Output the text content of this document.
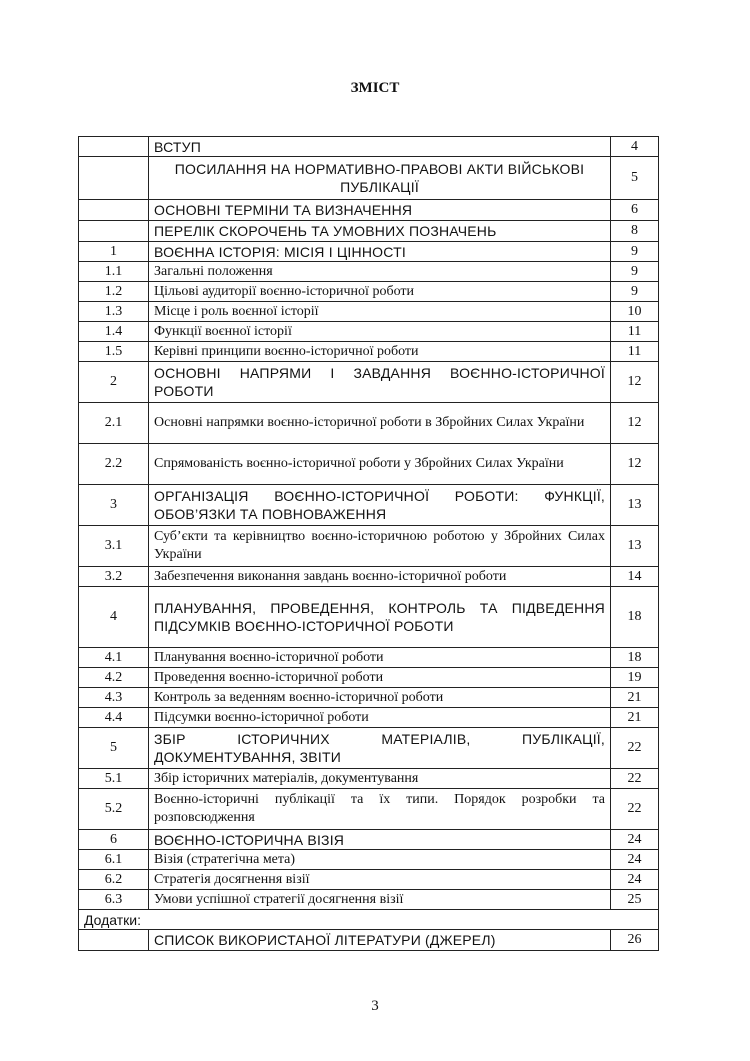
ЗМІСТ
	ВСТУП	4
	ПОСИЛАННЯ НА НОРМАТИВНО-ПРАВОВІ АКТИ ВІЙСЬКОВІ ПУБЛІКАЦІЇ	5
	ОСНОВНІ ТЕРМІНИ ТА ВИЗНАЧЕННЯ	6
	ПЕРЕЛІК СКОРОЧЕНЬ ТА УМОВНИХ ПОЗНАЧЕНЬ	8
1	ВОЄННА ІСТОРІЯ: МІСІЯ І ЦІННОСТІ	9
1.1	Загальні положення	9
1.2	Цільові аудиторії воєнно-історичної роботи	9
1.3	Місце і роль воєнної історії	10
1.4	Функції воєнної історії	11
1.5	Керівні принципи воєнно-історичної роботи	11
2	ОСНОВНІ НАПРЯМИ І ЗАВДАННЯ ВОЄННО-ІСТОРИЧНОЇ РОБОТИ	12
2.1	Основні напрямки воєнно-історичної роботи в Збройних Силах України	12
2.2	Спрямованість воєнно-історичної роботи у Збройних Силах України	12
3	ОРГАНІЗАЦІЯ ВОЄННО-ІСТОРИЧНОЇ РОБОТИ: ФУНКЦІЇ, ОБОВ’ЯЗКИ ТА ПОВНОВАЖЕННЯ	13
3.1	Суб’єкти та керівництво воєнно-історичною роботою у Збройних Силах України	13
3.2	Забезпечення виконання завдань воєнно-історичної роботи	14
4	ПЛАНУВАННЯ, ПРОВЕДЕННЯ, КОНТРОЛЬ ТА ПІДВЕДЕННЯ ПІДСУМКІВ ВОЄННО-ІСТОРИЧНОЇ РОБОТИ	18
4.1	Планування воєнно-історичної роботи	18
4.2	Проведення воєнно-історичної роботи	19
4.3	Контроль за веденням воєнно-історичної роботи	21
4.4	Підсумки воєнно-історичної роботи	21
5	ЗБІР ІСТОРИЧНИХ МАТЕРІАЛІВ, ПУБЛІКАЦІЇ, ДОКУМЕНТУВАННЯ, ЗВІТИ	22
5.1	Збір історичних матеріалів, документування	22
5.2	Воєнно-історичні публікації та їх типи. Порядок розробки та розповсюдження	22
6	ВОЄННО-ІСТОРИЧНА ВІЗІЯ	24
6.1	Візія (стратегічна мета)	24
6.2	Стратегія досягнення візії	24
6.3	Умови успішної стратегії досягнення візії	25
Додатки:		
	СПИСОК ВИКОРИСТАНОЇ ЛІТЕРАТУРИ (ДЖЕРЕЛ)	26
3
